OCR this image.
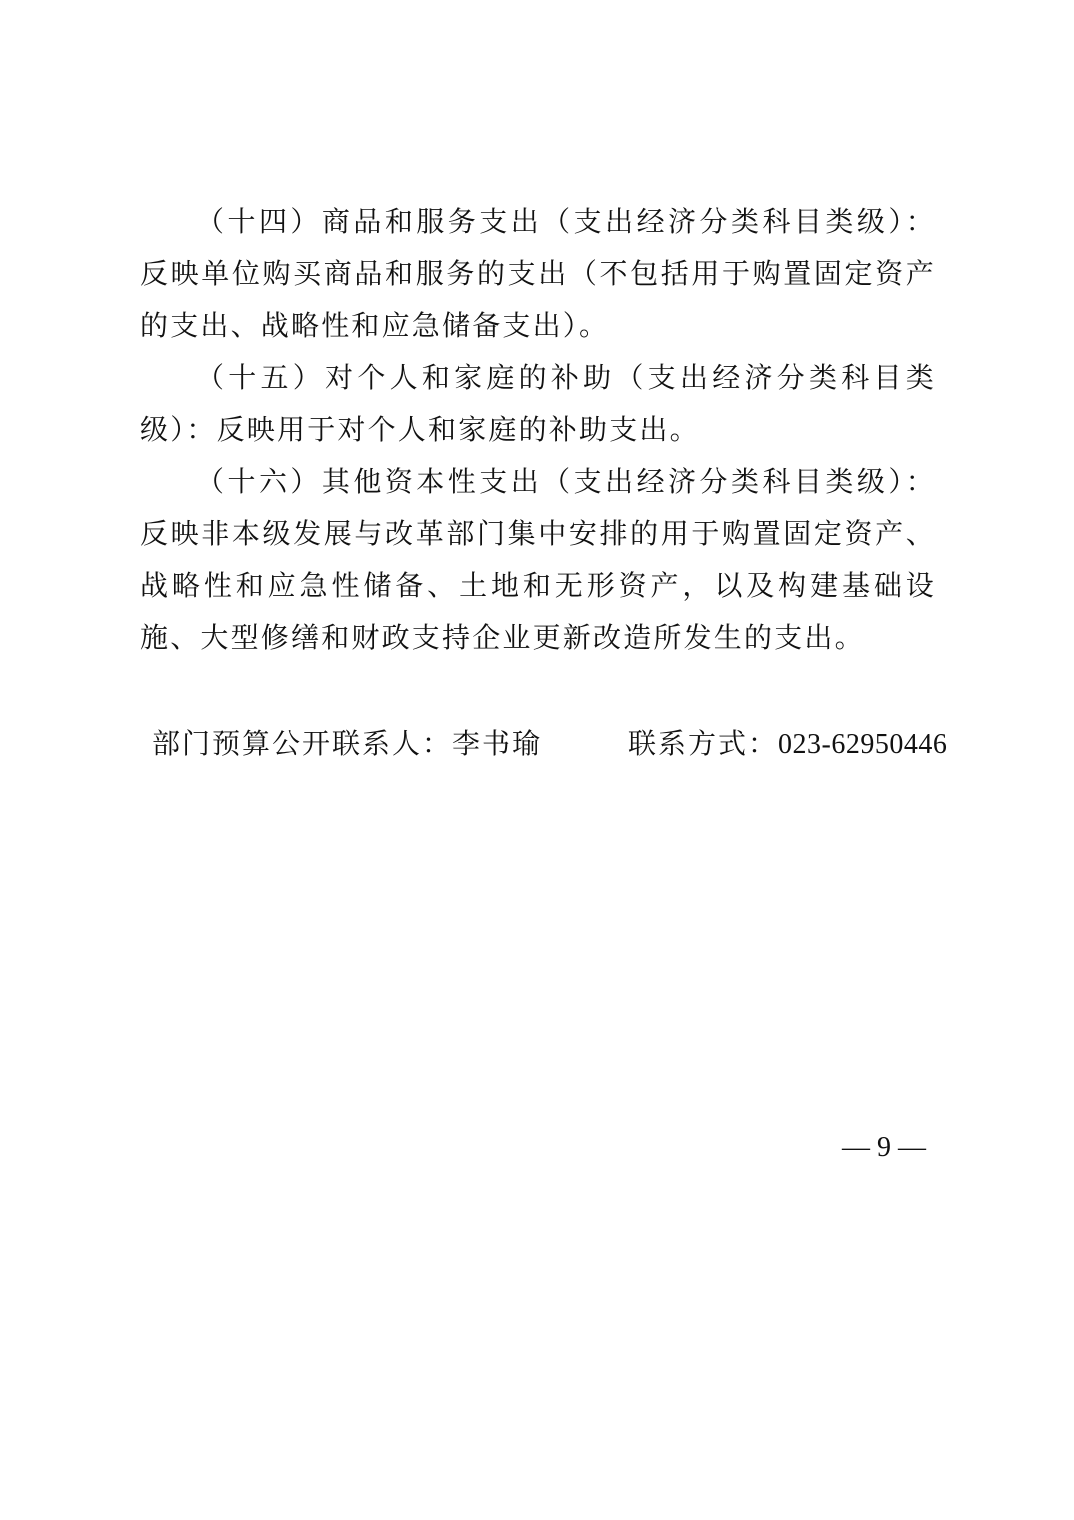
（十四）商品和服务支出（支出经济分类科目类级）：反映单位购买商品和服务的支出（不包括用于购置固定资产的支出、战略性和应急储备支出）。

（十五）对个人和家庭的补助（支出经济分类科目类级）：反映用于对个人和家庭的补助支出。

（十六）其他资本性支出（支出经济分类科目类级）：反映非本级发展与改革部门集中安排的用于购置固定资产、战略性和应急性储备、土地和无形资产，以及构建基础设施、大型修缮和财政支持企业更新改造所发生的支出。

部门预算公开联系人：李书瑜	联系方式：023-62950446
— 9 —
